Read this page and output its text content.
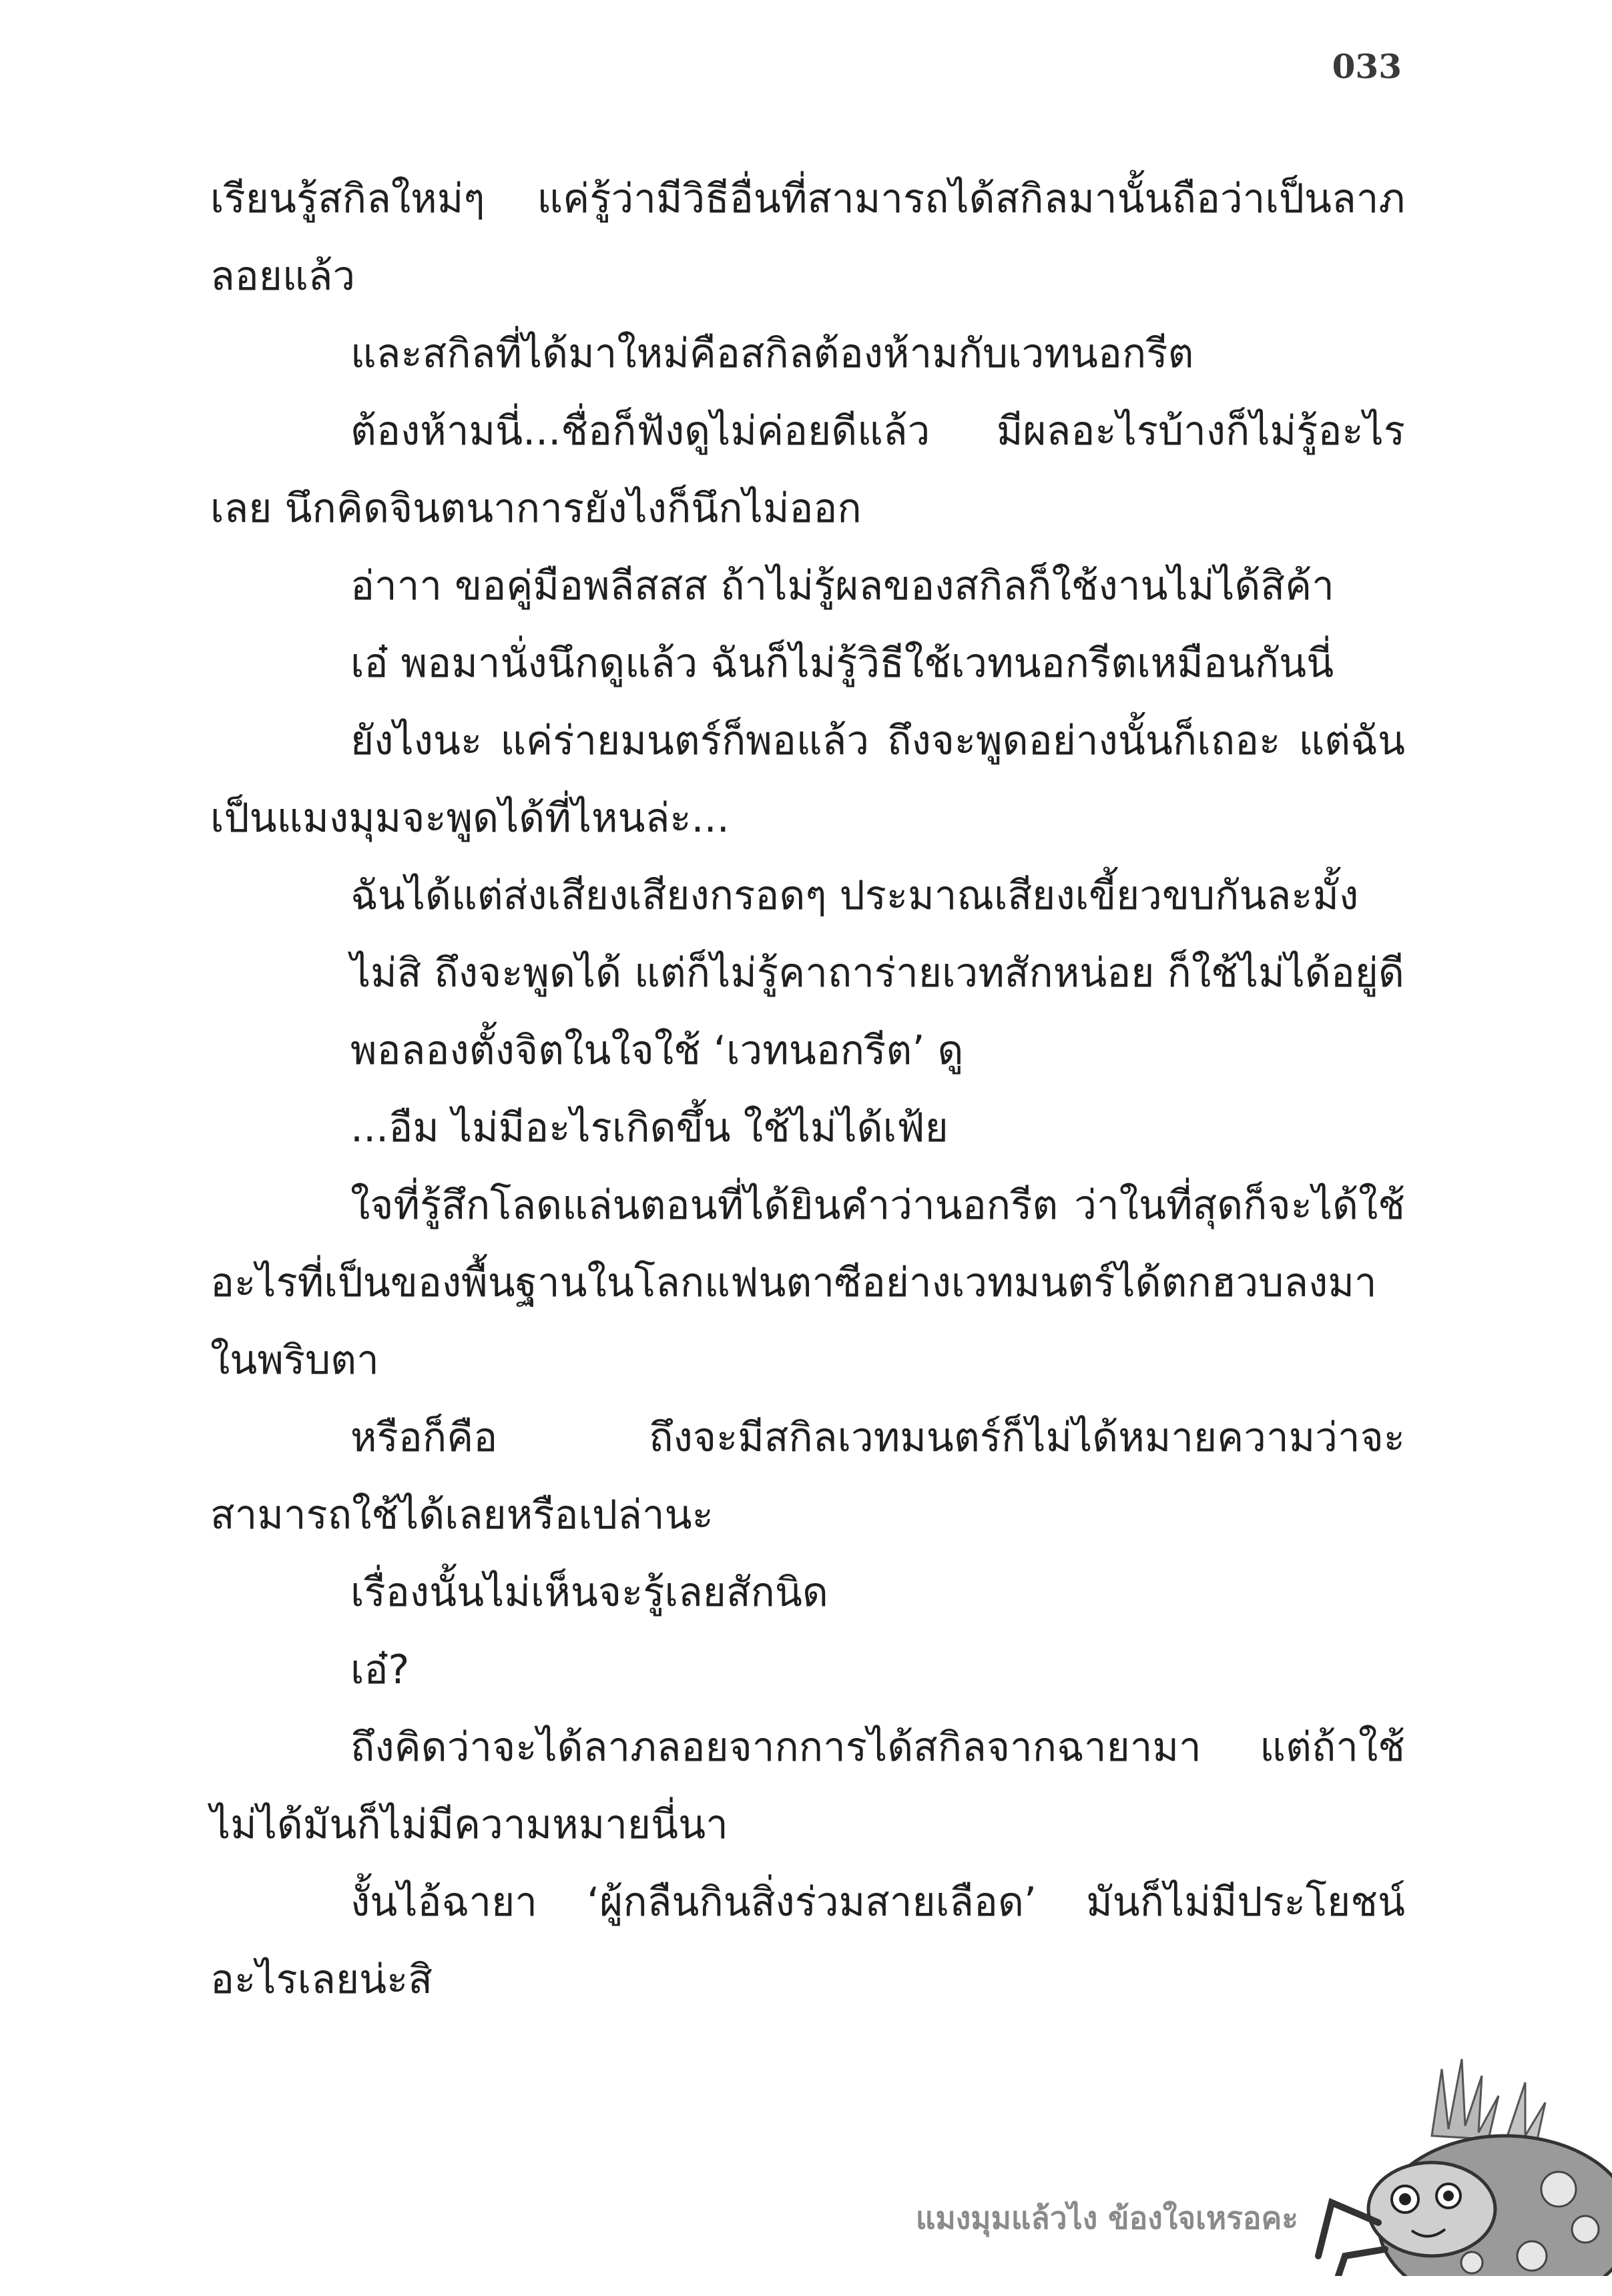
033

เรียนรู้สกิลใหม่ๆ แค่รู้ว่ามีวิธีอื่นที่สามารถได้สกิลมานั้นถือว่าเป็นลาภลอยแล้ว

และสกิลที่ได้มาใหม่คือสกิลต้องห้ามกับเวทนอกรีต

ต้องห้ามนี่...ชื่อก็ฟังดูไม่ค่อยดีแล้ว มีผลอะไรบ้างก็ไม่รู้อะไรเลย นึกคิดจินตนาการยังไงก็นึกไม่ออก

อ่าาา ขอคู่มือพลีสสส ถ้าไม่รู้ผลของสกิลก็ใช้งานไม่ได้สิค้า

เอ๋ พอมานั่งนึกดูแล้ว ฉันก็ไม่รู้วิธีใช้เวทนอกรีตเหมือนกันนี่

ยังไงนะ แค่ร่ายมนตร์ก็พอแล้ว ถึงจะพูดอย่างนั้นก็เถอะ แต่ฉันเป็นแมงมุมจะพูดได้ที่ไหนล่ะ...

ฉันได้แต่ส่งเสียงเสียงกรอดๆ ประมาณเสียงเขี้ยวขบกันละมั้ง

ไม่สิ ถึงจะพูดได้ แต่ก็ไม่รู้คาถาร่ายเวทสักหน่อย ก็ใช้ไม่ได้อยู่ดี

พอลองตั้งจิตในใจใช้ ‘เวทนอกรีต’ ดู

...อืม ไม่มีอะไรเกิดขึ้น ใช้ไม่ได้เฟ้ย

ใจที่รู้สึกโลดแล่นตอนที่ได้ยินคำว่านอกรีต ว่าในที่สุดก็จะได้ใช้อะไรที่เป็นของพื้นฐานในโลกแฟนตาซีอย่างเวทมนตร์ได้ตกฮวบลงมาในพริบตา

หรือก็คือ ถึงจะมีสกิลเวทมนตร์ก็ไม่ได้หมายความว่าจะสามารถใช้ได้เลยหรือเปล่านะ

เรื่องนั้นไม่เห็นจะรู้เลยสักนิด

เอ๋?

ถึงคิดว่าจะได้ลาภลอยจากการได้สกิลจากฉายามา แต่ถ้าใช้ไม่ได้มันก็ไม่มีความหมายนี่นา

งั้นไอ้ฉายา ‘ผู้กลืนกินสิ่งร่วมสายเลือด’ มันก็ไม่มีประโยชน์อะไรเลยน่ะสิ

แมงมุมแล้วไง ข้องใจเหรอคะ
